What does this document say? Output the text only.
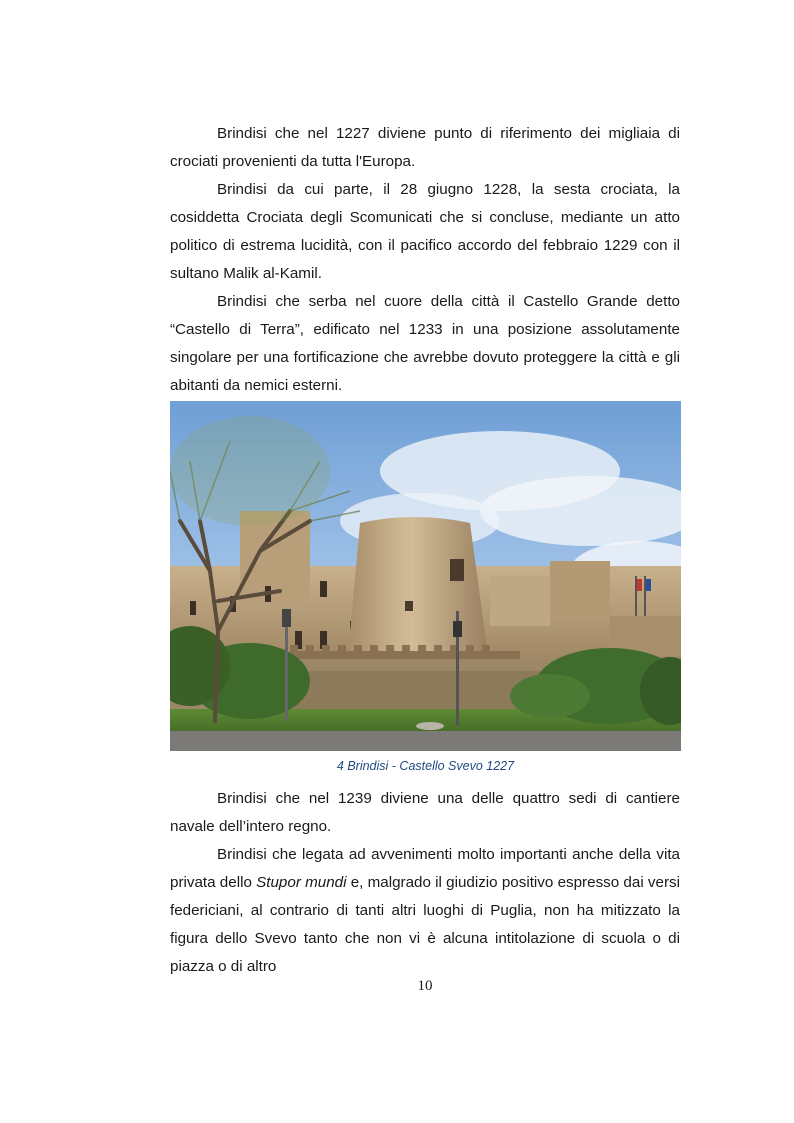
Brindisi che nel 1227 diviene punto di riferimento dei migliaia di crociati provenienti da tutta l'Europa.

Brindisi da cui parte, il 28 giugno 1228, la sesta crociata, la cosiddetta Crociata degli Scomunicati che si concluse, mediante un atto politico di estrema lucidità, con il pacifico accordo del febbraio 1229 con il sultano Malik al-Kamil.

Brindisi che serba nel cuore della città il Castello Grande detto “Castello di Terra”, edificato nel 1233 in una posizione assolutamente singolare per una fortificazione che avrebbe dovuto proteggere la città e gli abitanti da nemici esterni.

4 Brindisi - Castello Svevo 1227

Brindisi che nel 1239 diviene una delle quattro sedi di cantiere navale dell’intero regno.

Brindisi che legata ad avvenimenti molto importanti anche della vita privata dello Stupor mundi e, malgrado il giudizio positivo espresso dai versi federiciani, al contrario di tanti altri luoghi di Puglia, non ha mitizzato la figura dello Svevo tanto che non vi è alcuna intitolazione di scuola o di piazza o di altro

10
